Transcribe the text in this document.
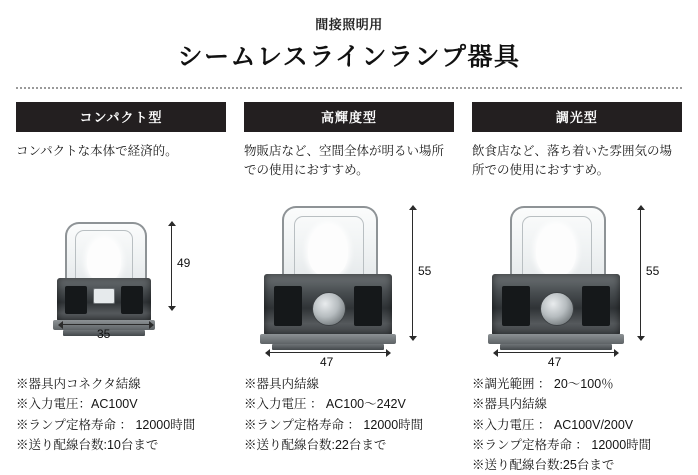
間接照明用
シームレスラインランプ器具
コンパクト型
コンパクトな本体で経済的。
49
35
※器具内コネクタ結線
※入力電圧：AC100V
※ランプ定格寿命 ： 12000時間
※送り配線台数:10台まで
高輝度型
物販店など、空間全体が明るい場所での使用におすすめ。
55
47
※器具内結線
※入力電圧 ： AC100～242V
※ランプ定格寿命 ： 12000時間
※送り配線台数:22台まで
調光型
飲食店など、落ち着いた雰囲気の場所での使用におすすめ。
55
47
※調光範囲 ： 20～100％
※器具内結線
※入力電圧 ： AC100V/200V
※ランプ定格寿命 ： 12000時間
※送り配線台数:25台まで
